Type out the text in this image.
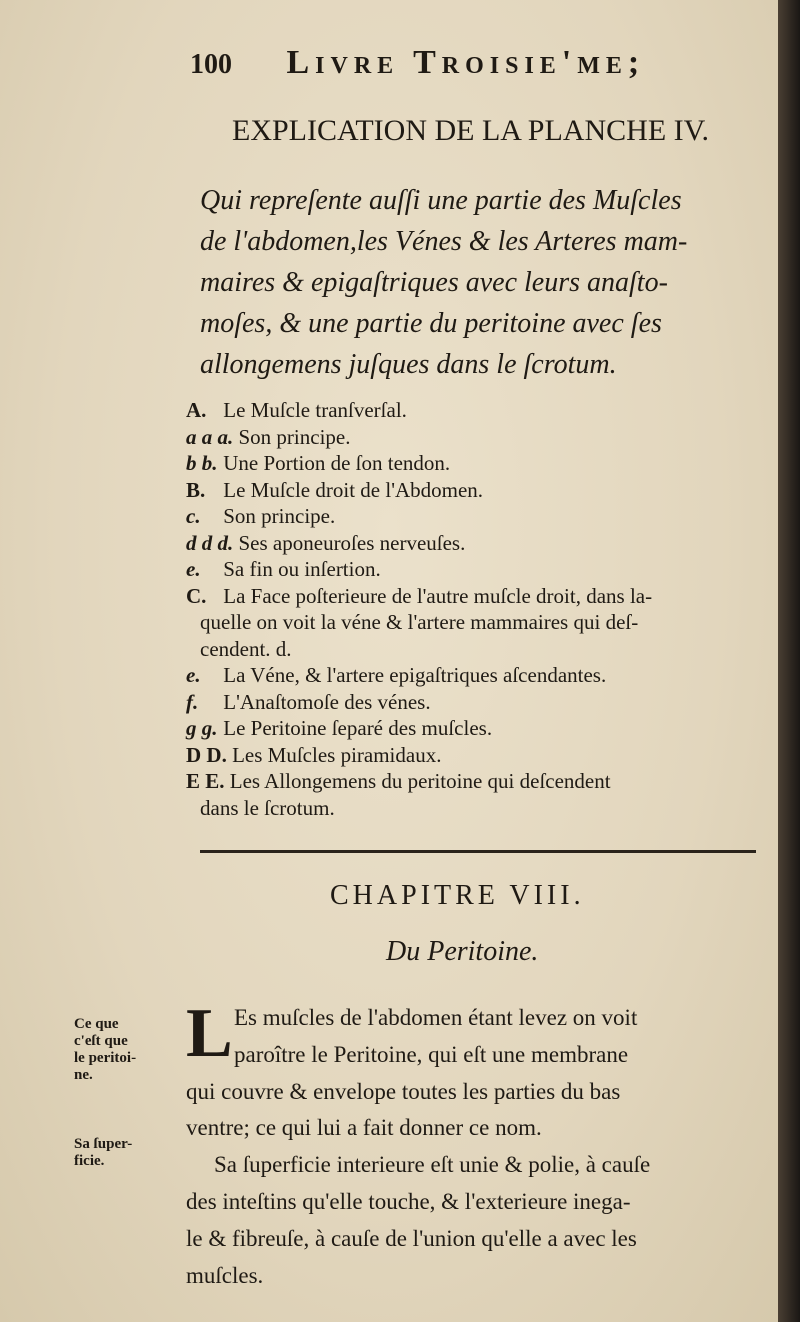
100 Livre Troisie'me;
EXPLICATION DE LA PLANCHE IV.
Qui repreſente auſſi une partie des Muſcles
de l'abdomen,les Vénes & les Arteres mam-
maires & epigaſtriques avec leurs anaſto-
moſes, & une partie du peritoine avec ſes
allongemens juſques dans le ſcrotum.
A. Le Muſcle tranſverſal.
a a a. Son principe.
b b. Une Portion de ſon tendon.
B. Le Muſcle droit de l'Abdomen.
c. Son principe.
d d d. Ses aponeuroſes nerveuſes.
e. Sa fin ou inſertion.
C. La Face poſterieure de l'autre muſcle droit, dans la-
quelle on voit la véne & l'artere mammaires qui deſ-
cendent. d.
e. La Véne, & l'artere epigaſtriques aſcendantes.
f. L'Anaſtomoſe des vénes.
g g. Le Peritoine ſeparé des muſcles.
D D. Les Muſcles piramidaux.
E E. Les Allongemens du peritoine qui deſcendent
dans le ſcrotum.
CHAPITRE VIII.
Du Peritoine.
L Es muſcles de l'abdomen étant levez on voit
paroître le Peritoine, qui eſt une membrane
qui couvre & envelope toutes les parties du bas
ventre; ce qui lui a fait donner ce nom.
Sa ſuperficie interieure eſt unie & polie, à cauſe
des inteſtins qu'elle touche, & l'exterieure inega-
le & fibreuſe, à cauſe de l'union qu'elle a avec les
muſcles.
Ce que
c'eſt que
le peritoi-
ne.
Sa ſuper-
ficie.
